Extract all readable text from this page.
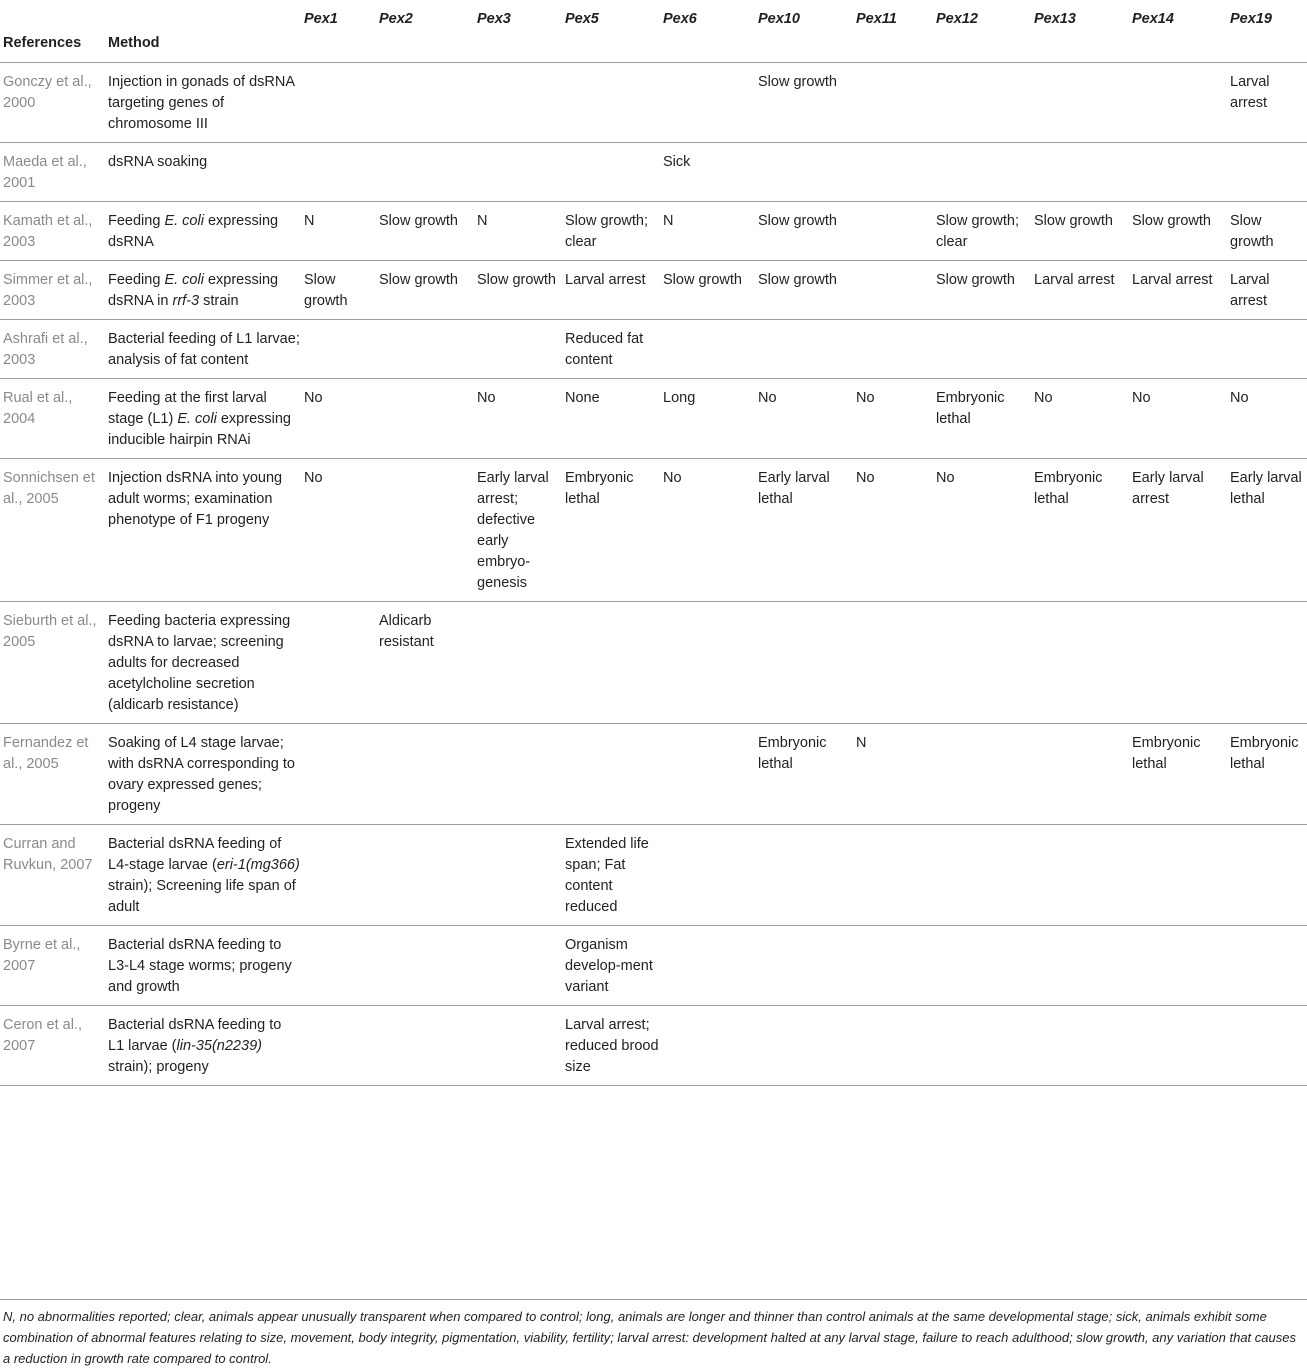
References	Method	Pex1	Pex2	Pex3	Pex5	Pex6	Pex10	Pex11	Pex12	Pex13	Pex14	Pex19
Gonczy et al., 2000	Injection in gonads of dsRNA targeting genes of chromosome III						Slow growth					Larval arrest
Maeda et al., 2001	dsRNA soaking					Sick						
Kamath et al., 2003	Feeding E. coli expressing dsRNA	N	Slow growth	N	Slow growth; clear	N	Slow growth		Slow growth; clear	Slow growth	Slow growth	Slow growth
Simmer et al., 2003	Feeding E. coli expressing dsRNA in rrf-3 strain	Slow growth	Slow growth	Slow growth	Larval arrest	Slow growth	Slow growth		Slow growth	Larval arrest	Larval arrest	Larval arrest
Ashrafi et al., 2003	Bacterial feeding of L1 larvae; analysis of fat content				Reduced fat content							
Rual et al., 2004	Feeding at the first larval stage (L1) E. coli expressing inducible hairpin RNAi	No		No	None	Long	No	No	Embryonic lethal	No	No	No
Sonnichsen et al., 2005	Injection dsRNA into young adult worms; examination phenotype of F1 progeny	No		Early larval arrest; defective early embryo-genesis	Embryonic lethal	No	Early larval lethal	No	No	Embryonic lethal	Early larval arrest	Early larval lethal
Sieburth et al., 2005	Feeding bacteria expressing dsRNA to larvae; screening adults for decreased acetylcholine secretion (aldicarb resistance)		Aldicarb resistant									
Fernandez et al., 2005	Soaking of L4 stage larvae; with dsRNA corresponding to ovary expressed genes; progeny						Embryonic lethal	N			Embryonic lethal	Embryonic lethal
Curran and Ruvkun, 2007	Bacterial dsRNA feeding of L4-stage larvae (eri-1(mg366) strain); Screening life span of adult				Extended life span; Fat content reduced							
Byrne et al., 2007	Bacterial dsRNA feeding to L3-L4 stage worms; progeny and growth				Organism develop-ment variant							
Ceron et al., 2007	Bacterial dsRNA feeding to L1 larvae (lin-35(n2239) strain); progeny				Larval arrest; reduced brood size							
N, no abnormalities reported; clear, animals appear unusually transparent when compared to control; long, animals are longer and thinner than control animals at the same developmental stage; sick, animals exhibit some combination of abnormal features relating to size, movement, body integrity, pigmentation, viability, fertility; larval arrest: development halted at any larval stage, failure to reach adulthood; slow growth, any variation that causes a reduction in growth rate compared to control.
